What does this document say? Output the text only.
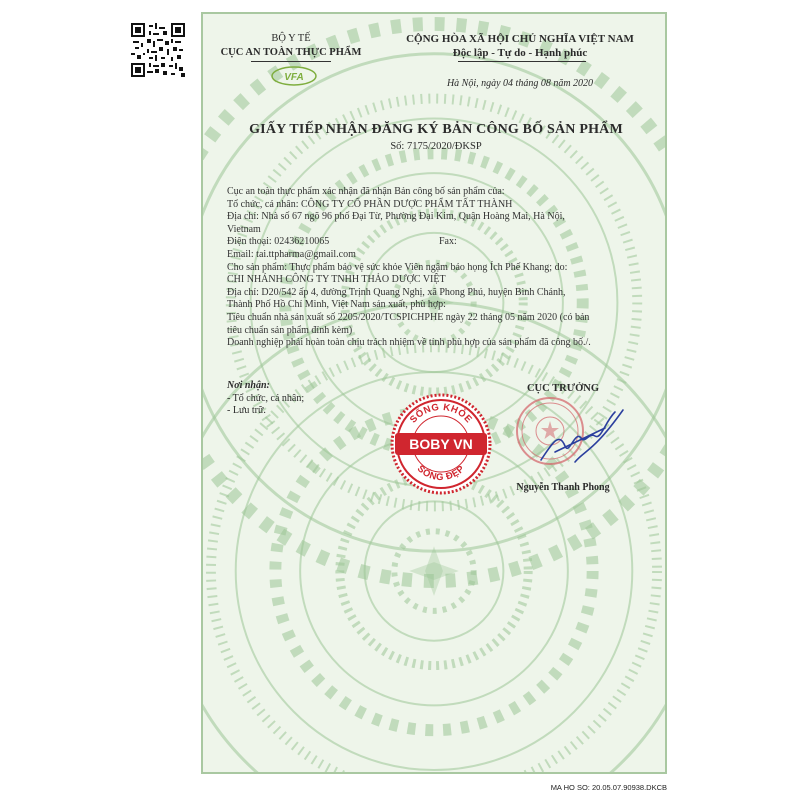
BỘ Y TẾ
CỤC AN TOÀN THỰC PHẨM
VFA
CỘNG HÒA XÃ HỘI CHỦ NGHĨA VIỆT NAM
Độc lập - Tự do - Hạnh phúc
Hà Nội, ngày 04 tháng 08 năm 2020
GIẤY TIẾP NHẬN ĐĂNG KÝ BẢN CÔNG BỐ SẢN PHẨM
Số: 7175/2020/ĐKSP

Cục an toàn thực phẩm xác nhận đã nhận Bản công bố sản phẩm của:

Tổ chức, cá nhân: CÔNG TY CỔ PHẦN DƯỢC PHẨM TẤT THÀNH

Địa chỉ: Nhà số 67 ngõ 96 phố Đại Từ, Phường Đại Kim, Quận Hoàng Mai, Hà Nội,

Vietnam

Điện thoại: 02436210065	Fax:

Email: tai.ttpharma@gmail.com

Cho sản phẩm: Thực phẩm bảo vệ sức khỏe Viên ngậm bảo họng Ích Phế Khang; do:

CHI NHÁNH CÔNG TY TNHH THẢO DƯỢC VIỆT

Địa chỉ: D20/542 ấp 4, đường Trịnh Quang Nghị, xã Phong Phú, huyện Bình Chánh,

Thành Phố Hồ Chí Minh, Việt Nam sản xuất, phù hợp:

Tiêu chuẩn nhà sản xuất số 2205/2020/TCSPICHPHE ngày 22 tháng 05 năm 2020 (có bản

tiêu chuẩn sản phẩm đính kèm)

Doanh nghiệp phải hoàn toàn chịu trách nhiệm về tính phù hợp của sản phẩm đã công bố./.

Nơi nhận:

- Tổ chức, cá nhân;

- Lưu trữ.

CỤC TRƯỞNG
Nguyễn Thanh Phong
SỐNG KHỎE
SỐNG ĐẸP
BOBY VN
MA HO SO: 20.05.07.90938.DKCB
